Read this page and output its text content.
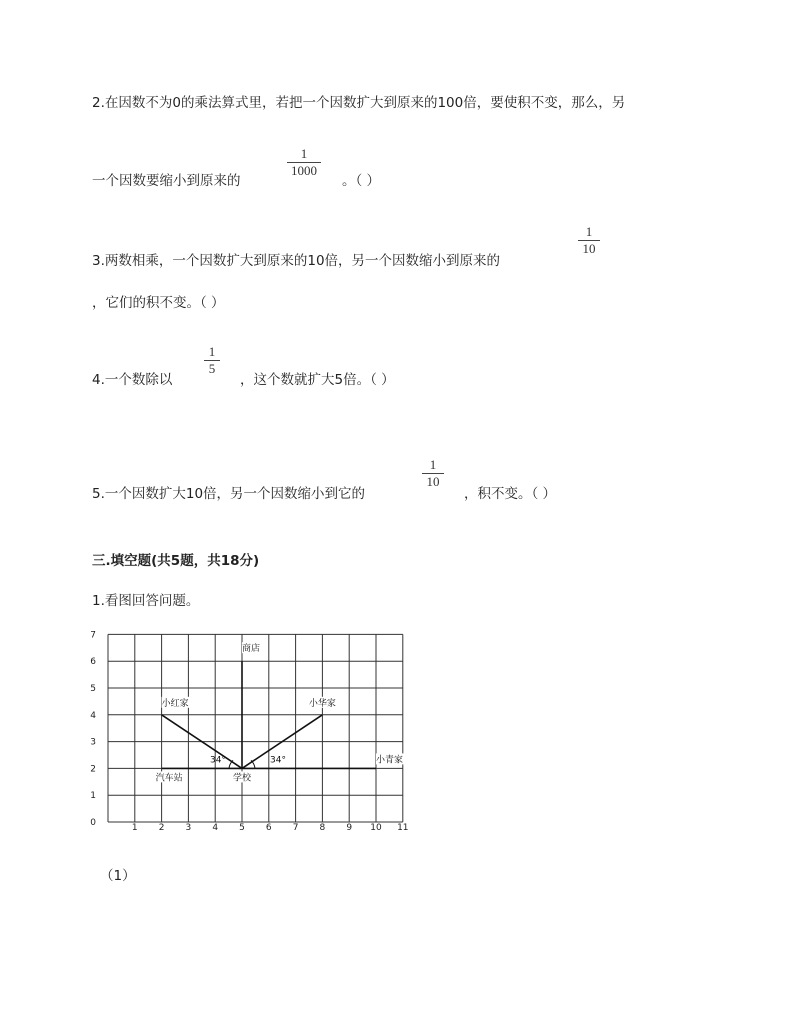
2.在因数不为0的乘法算式里，若把一个因数扩大到原来的100倍，要使积不变，那么，另
一个因数要缩小到原来的
1
1000
。（ ）
3.两数相乘，一个因数扩大到原来的10倍，另一个因数缩小到原来的
1
10
，它们的积不变。（ ）
4.一个数除以
1
5
，这个数就扩大5倍。（ ）
5.一个因数扩大10倍，另一个因数缩小到它的
1
10
，积不变。（ ）
三.填空题(共5题，共18分)
1.看图回答问题。
1 2 3 4 5 6 7 8 9 10 11
0
1
2
3
4
5
6
7
商店
小红家	小华家
学校
汽车站
小青家
34°	34°
（1）
